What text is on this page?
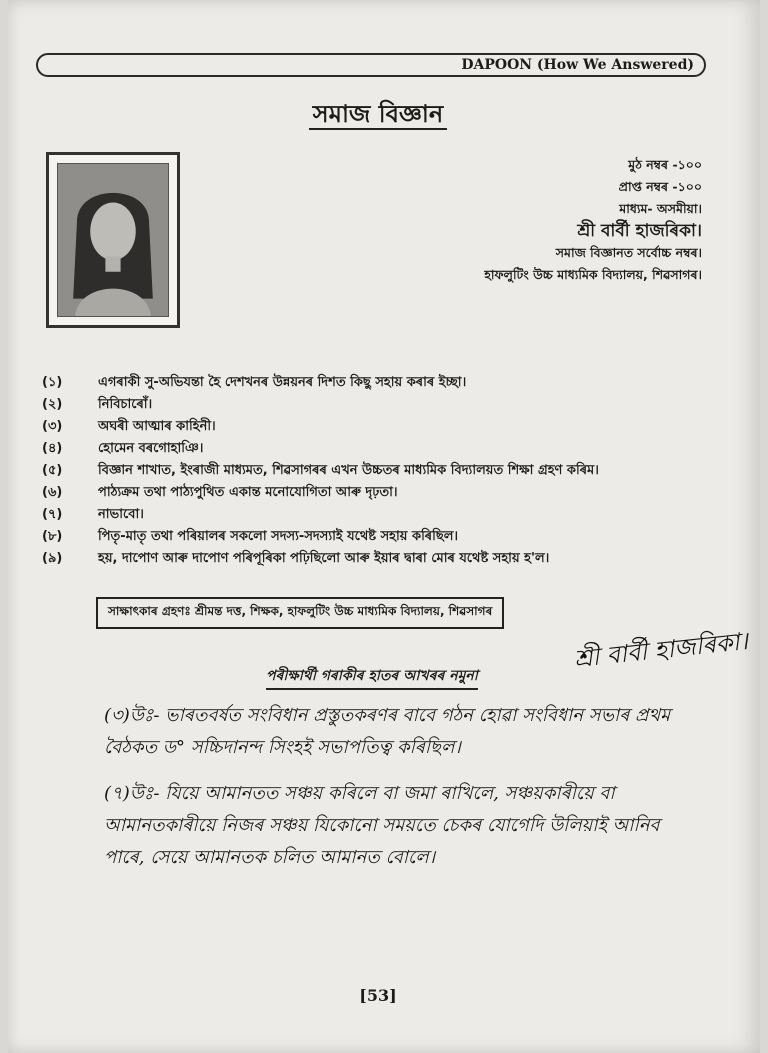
DAPOON (How We Answered)
সমাজ বিজ্ঞান
মুঠ নম্বৰ -১০০
প্ৰাপ্ত নম্বৰ -১০০
মাধ্যম- অসমীয়া।
শ্ৰী বাৰ্বী হাজৰিকা।
সমাজ বিজ্ঞানত সৰ্বোচ্চ নম্বৰ।
হাফলুটিং উচ্চ মাধ্যমিক বিদ্যালয়, শিৱসাগৰ।
(১)	এগৰাকী সু-অভিযন্তা হৈ দেশখনৰ উন্নয়নৰ দিশত কিছু সহায় কৰাৰ ইচ্ছা।
(২)	নিবিচাৰোঁ।
(৩)	অঘৰী আত্মাৰ কাহিনী।
(৪)	হোমেন বৰগোহাঞি।
(৫)	বিজ্ঞান শাখাত, ইংৰাজী মাধ্যমত, শিৱসাগৰৰ এখন উচ্চতৰ মাধ্যমিক বিদ্যালয়ত শিক্ষা গ্ৰহণ কৰিম।
(৬)	পাঠ্যক্ৰম তথা পাঠ্যপুথিত একান্ত মনোযোগিতা আৰু দৃঢ়তা।
(৭)	নাভাবো।
(৮)	পিতৃ-মাতৃ তথা পৰিয়ালৰ সকলো সদস্য-সদস্যাই যথেষ্ট সহায় কৰিছিল।
(৯)	হয়, দাপোণ আৰু দাপোণ পৰিপূৰিকা পঢ়িছিলো আৰু ইয়াৰ দ্বাৰা মোৰ যথেষ্ট সহায় হ'ল।
সাক্ষাৎকাৰ গ্ৰহণঃ শ্ৰীমন্ত দত্ত, শিক্ষক, হাফলুটিং উচ্চ মাধ্যমিক বিদ্যালয়, শিৱসাগৰ
পৰীক্ষাৰ্থী গৰাকীৰ হাতৰ আখৰৰ নমুনা
শ্ৰী বাৰ্বী হাজৰিকা।

(৩)উঃ- ভাৰতবৰ্ষত সংবিধান প্ৰস্তুতকৰণৰ বাবে গঠন হোৱা সংবিধান সভাৰ প্ৰথম বৈঠকত ড° সচ্চিদানন্দ সিংহই সভাপতিত্ব কৰিছিল।

(৭)উঃ- যিয়ে আমানতত সঞ্চয় কৰিলে বা জমা ৰাখিলে, সঞ্চয়কাৰীয়ে বা আমানতকাৰীয়ে নিজৰ সঞ্চয় যিকোনো সময়তে চেকৰ যোগেদি উলিয়াই আনিব পাৰে, সেয়ে আমানতক চলিত আমানত বোলে।

[53]
